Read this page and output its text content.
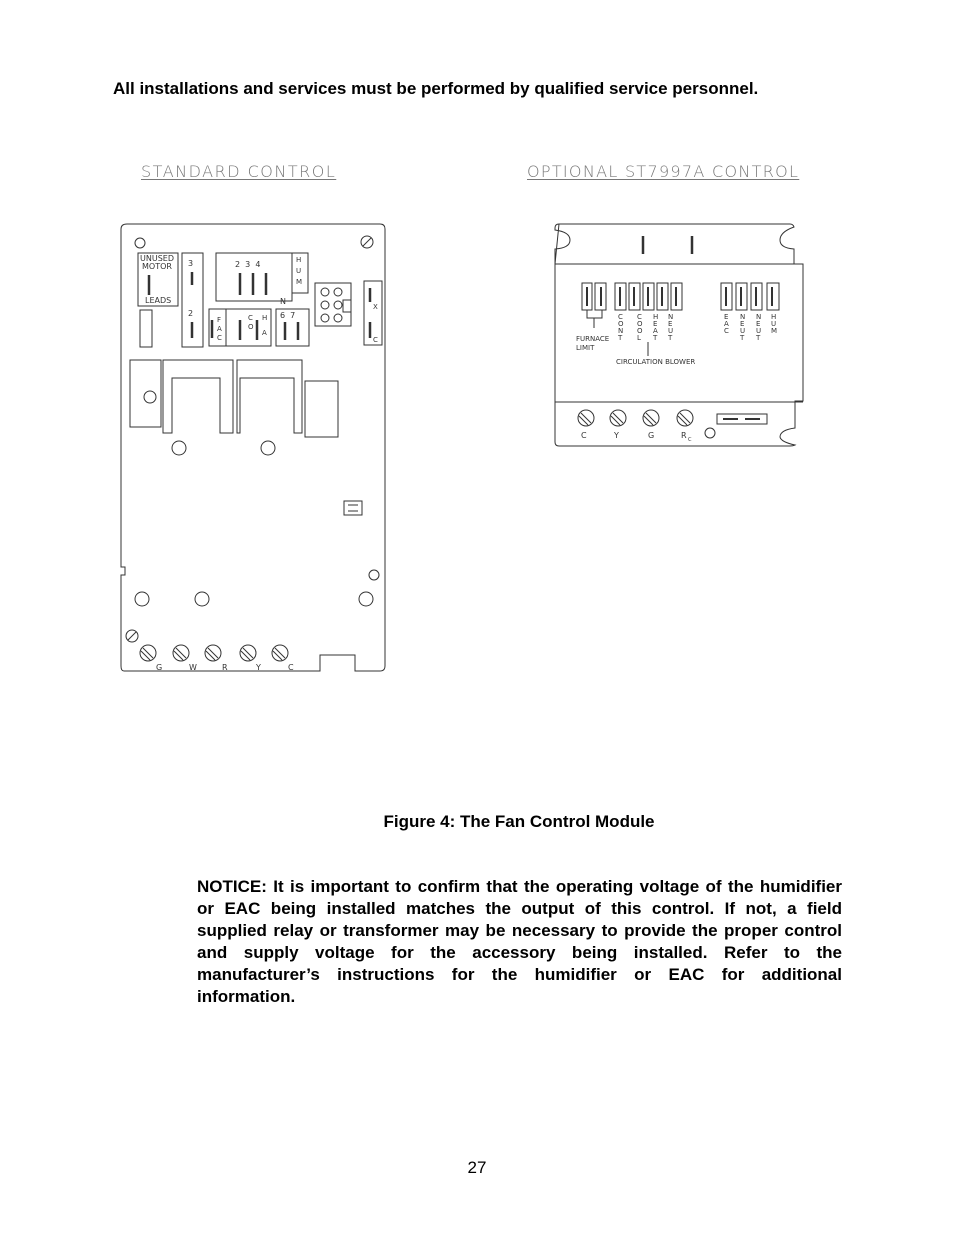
All installations and services must be performed by qualified service personnel.
STANDARD CONTROL	OPTIONAL ST7997A CONTROL
UNUSED
MOTOR
LEADS
3
2
2  3  4	H
U
M
N
6  7
X
C
F
A
C
C
O
H
A
G	W	R	Y	C
FURNACE
LIMIT
CIRCULATION BLOWER
C
O
N
T
C
O
O
L
H
E
A
T
N
E
U
T
E
A
C
N
E
U
T
N
E
U
T
H
U
M
C	Y	G	R C
Figure 4: The Fan Control Module
NOTICE: It is important to confirm that the operating voltage of the humidifier or EAC being installed matches the output of this control. If not, a field supplied relay or transformer may be necessary to provide the proper control and supply voltage for the accessory being installed. Refer to the manufacturer’s instructions for the humidifier or EAC for additional information.
27
